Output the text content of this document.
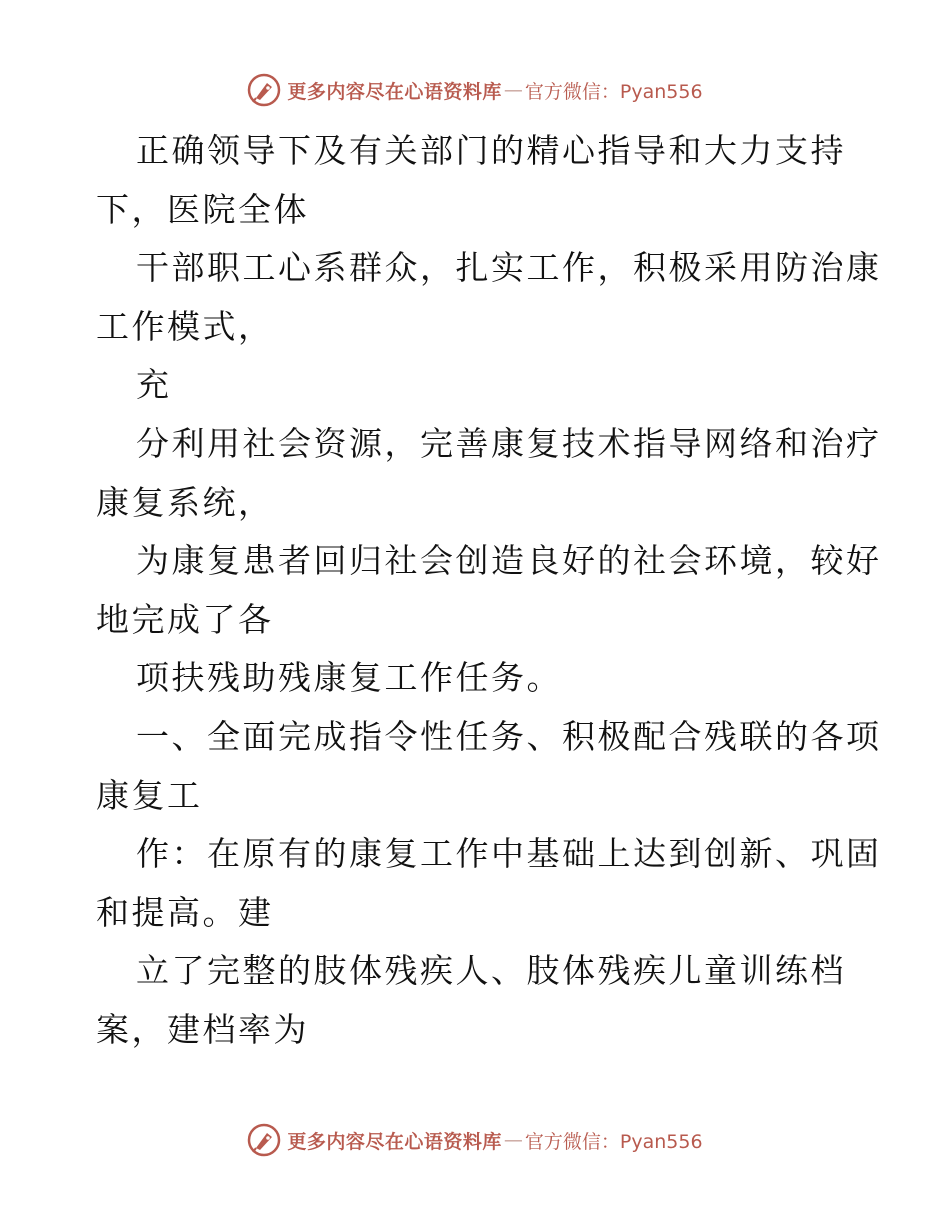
更多内容尽在心语资料库 — 官方微信：Pyan556
正确领导下及有关部门的精心指导和大力支持
下，医院全体
干部职工心系群众，扎实工作，积极采用防治康
工作模式，
充
分利用社会资源，完善康复技术指导网络和治疗
康复系统，
为康复患者回归社会创造良好的社会环境，较好
地完成了各
项扶残助残康复工作任务。
一、全面完成指令性任务、积极配合残联的各项
康复工
作：在原有的康复工作中基础上达到创新、巩固
和提高。建
立了完整的肢体残疾人、肢体残疾儿童训练档
案，建档率为
更多内容尽在心语资料库 — 官方微信：Pyan556
